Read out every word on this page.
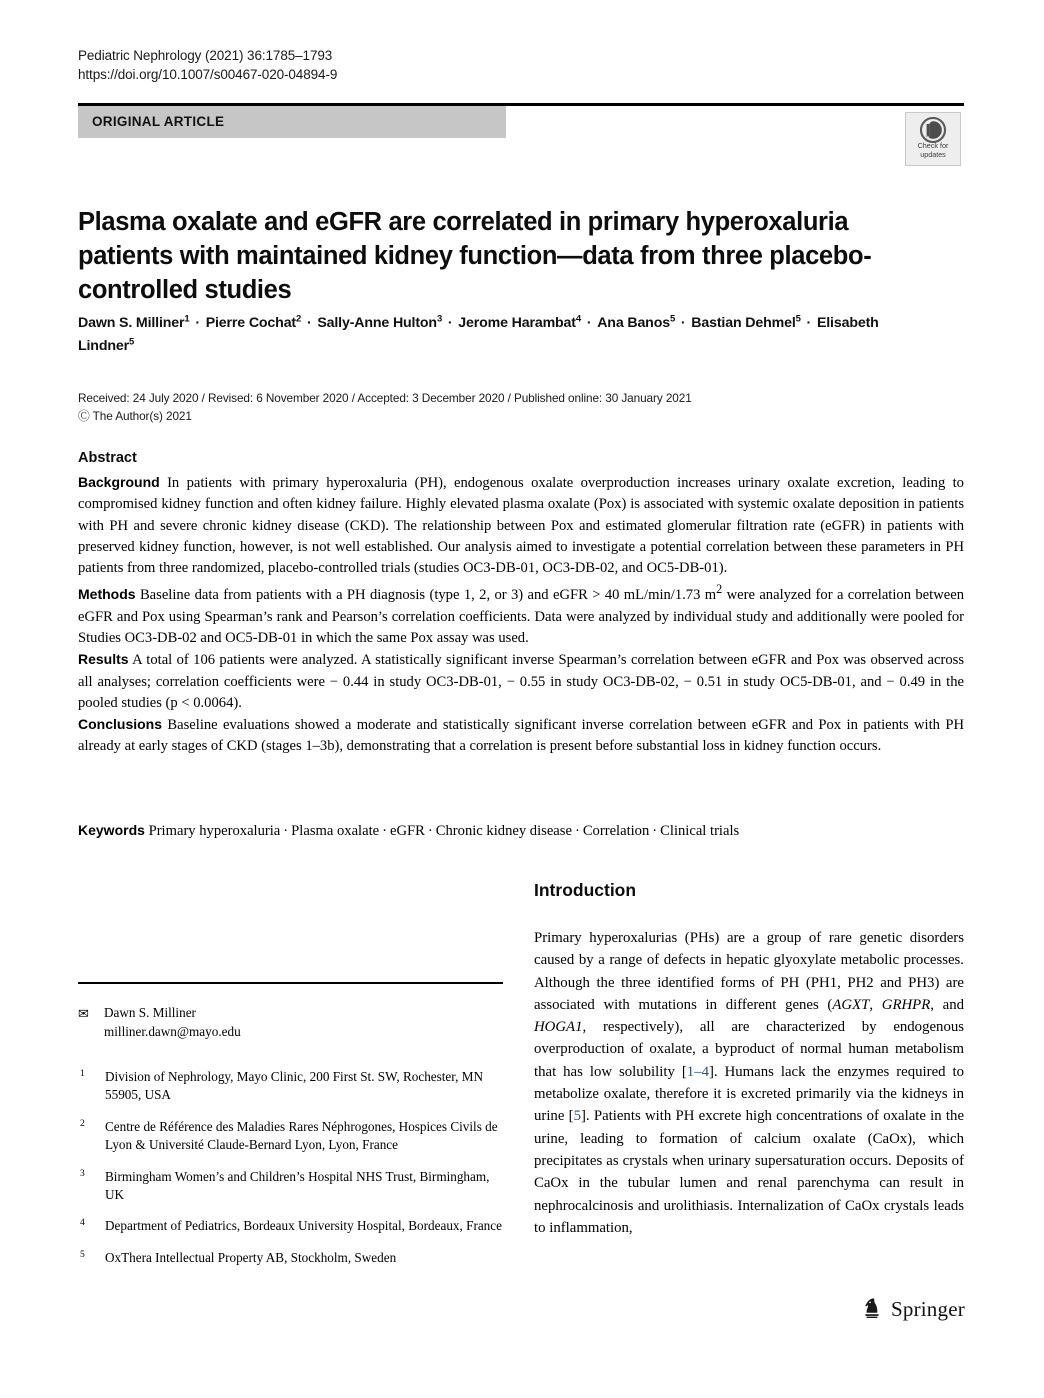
Pediatric Nephrology (2021) 36:1785–1793
https://doi.org/10.1007/s00467-020-04894-9
ORIGINAL ARTICLE
Check for
updates
Plasma oxalate and eGFR are correlated in primary hyperoxaluria patients with maintained kidney function—data from three placebo-controlled studies
Dawn S. Milliner$^1$ · Pierre Cochat$^2$ · Sally-Anne Hulton$^3$ · Jerome Harambat$^4$ · Ana Banos$^5$ · Bastian Dehmel$^5$ · Elisabeth Lindner$^5$
Received: 24 July 2020 / Revised: 6 November 2020 / Accepted: 3 December 2020 / Published online: 30 January 2021
Ⓒ The Author(s) 2021
Abstract

Background In patients with primary hyperoxaluria (PH), endogenous oxalate overproduction increases urinary oxalate excretion, leading to compromised kidney function and often kidney failure. Highly elevated plasma oxalate (Pox) is associated with systemic oxalate deposition in patients with PH and severe chronic kidney disease (CKD). The relationship between Pox and estimated glomerular filtration rate (eGFR) in patients with preserved kidney function, however, is not well established. Our analysis aimed to investigate a potential correlation between these parameters in PH patients from three randomized, placebo-controlled trials (studies OC3-DB-01, OC3-DB-02, and OC5-DB-01).

Methods Baseline data from patients with a PH diagnosis (type 1, 2, or 3) and eGFR > 40 mL/min/1.73 $m^2$ were analyzed for a correlation between eGFR and Pox using Spearman’s rank and Pearson’s correlation coefficients. Data were analyzed by individual study and additionally were pooled for Studies OC3-DB-02 and OC5-DB-01 in which the same Pox assay was used.

Results A total of 106 patients were analyzed. A statistically significant inverse Spearman’s correlation between eGFR and Pox was observed across all analyses; correlation coefficients were − 0.44 in study OC3-DB-01, − 0.55 in study OC3-DB-02, − 0.51 in study OC5-DB-01, and − 0.49 in the pooled studies (p < 0.0064).

Conclusions Baseline evaluations showed a moderate and statistically significant inverse correlation between eGFR and Pox in patients with PH already at early stages of CKD (stages 1–3b), demonstrating that a correlation is present before substantial loss in kidney function occurs.

Keywords Primary hyperoxaluria · Plasma oxalate · eGFR · Chronic kidney disease · Correlation · Clinical trials
✉ Dawn S. Milliner
milliner.dawn@mayo.edu
1 Division of Nephrology, Mayo Clinic, 200 First St. SW, Rochester, MN 55905, USA
2 Centre de Référence des Maladies Rares Néphrogones, Hospices Civils de Lyon & Université Claude-Bernard Lyon, Lyon, France
3 Birmingham Women’s and Children’s Hospital NHS Trust, Birmingham, UK
4 Department of Pediatrics, Bordeaux University Hospital, Bordeaux, France
5 OxThera Intellectual Property AB, Stockholm, Sweden
Introduction

Primary hyperoxalurias (PHs) are a group of rare genetic disorders caused by a range of defects in hepatic glyoxylate metabolic processes. Although the three identified forms of PH (PH1, PH2 and PH3) are associated with mutations in different genes (AGXT, GRHPR, and HOGA1, respectively), all are characterized by endogenous overproduction of oxalate, a byproduct of normal human metabolism that has low solubility [1–4]. Humans lack the enzymes required to metabolize oxalate, therefore it is excreted primarily via the kidneys in urine [5]. Patients with PH excrete high concentrations of oxalate in the urine, leading to formation of calcium oxalate (CaOx), which precipitates as crystals when urinary supersaturation occurs. Deposits of CaOx in the tubular lumen and renal parenchyma can result in nephrocalcinosis and urolithiasis. Internalization of CaOx crystals leads to inflammation,

Springer
